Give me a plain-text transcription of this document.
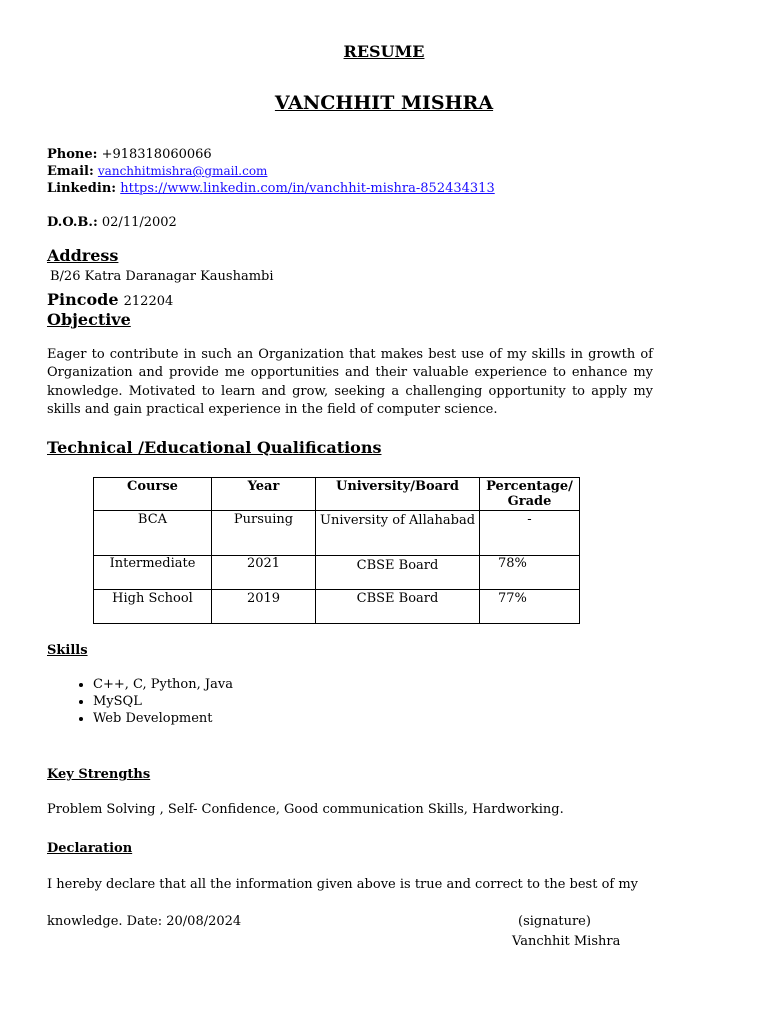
RESUME
VANCHHIT MISHRA
Phone: +918318060066
Email: vanchhitmishra@gmail.com
Linkedin: https://www.linkedin.com/in/vanchhit-mishra-852434313
D.O.B.: 02/11/2002
Address
B/26 Katra Daranagar Kaushambi
Pincode 212204
Objective
Eager to contribute in such an Organization that makes best use of my skills in growth of Organization and provide me opportunities and their valuable experience to enhance my knowledge. Motivated to learn and grow, seeking a challenging opportunity to apply my skills and gain practical experience in the field of computer science.
Technical /Educational Qualifications
Course	Year	University/Board	Percentage/ Grade
BCA	Pursuing	University of Allahabad	-
Intermediate	2021	CBSE Board	78%
High School	2019	CBSE Board	77%
Skills
• C++, C, Python, Java
• MySQL
• Web Development
Key Strengths
Problem Solving , Self- Confidence, Good communication Skills, Hardworking.
Declaration
I hereby declare that all the information given above is true and correct to the best of my
knowledge. Date: 20/08/2024	(signature)
Vanchhit Mishra
